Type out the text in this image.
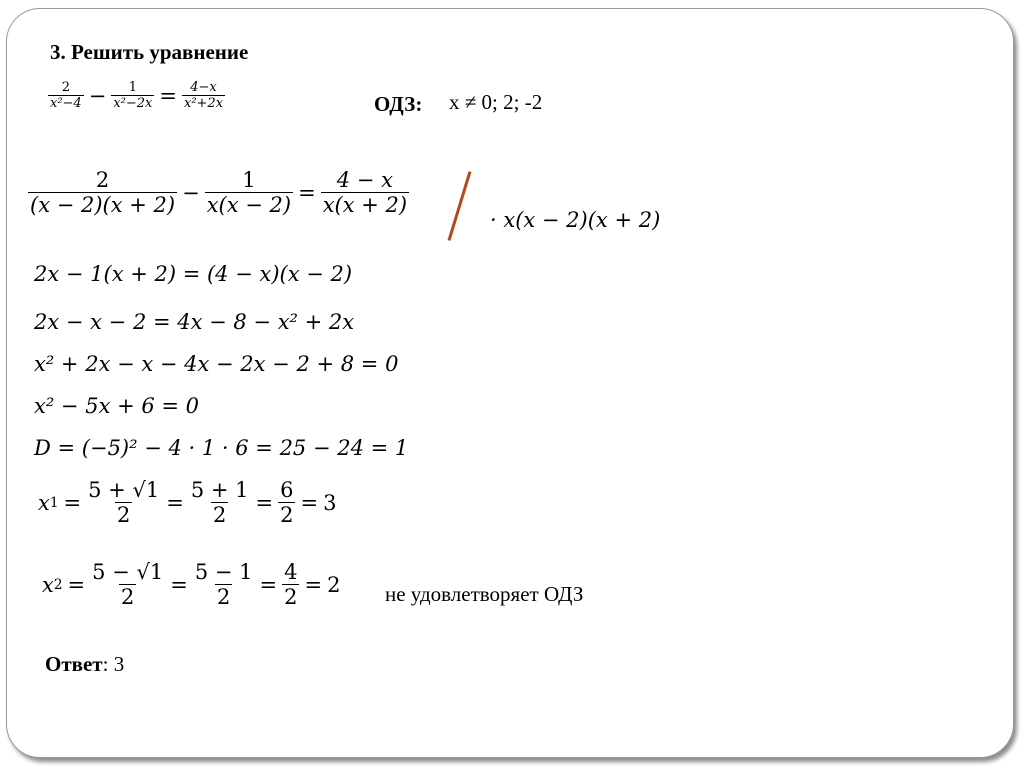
3. Решить уравнение
$\frac{2}{\text{x²−4}} - \frac{1}{\text{x²−2x}} = \frac{4-x}{\text{x²+2x}}$	ОДЗ: x ≠ 0; 2; -2
$\frac{2}{(x - 2)(x + 2)} - \frac{1}{x(x - 2)} = \frac{4 - x}{x(x + 2)}$
· x(x − 2)(x + 2)
2x − 1(x + 2) = (4 − x)(x − 2)
2x − x − 2 = 4x − 8 − x² + 2x
x² + 2x − x − 4x − 2x − 2 + 8 = 0
x² − 5x + 6 = 0
D = (−5)² − 4 · 1 · 6 = 25 − 24 = 1
x $1 = \frac{5 + √1}{2} = \frac{5 + 1}{2} = \frac{6}{2} = 3$
x $2 = \frac{5 - √1}{2} = \frac{5 - 1}{2} = \frac{4}{2} = 2$ не удовлетворяет ОДЗ
Ответ: 3
